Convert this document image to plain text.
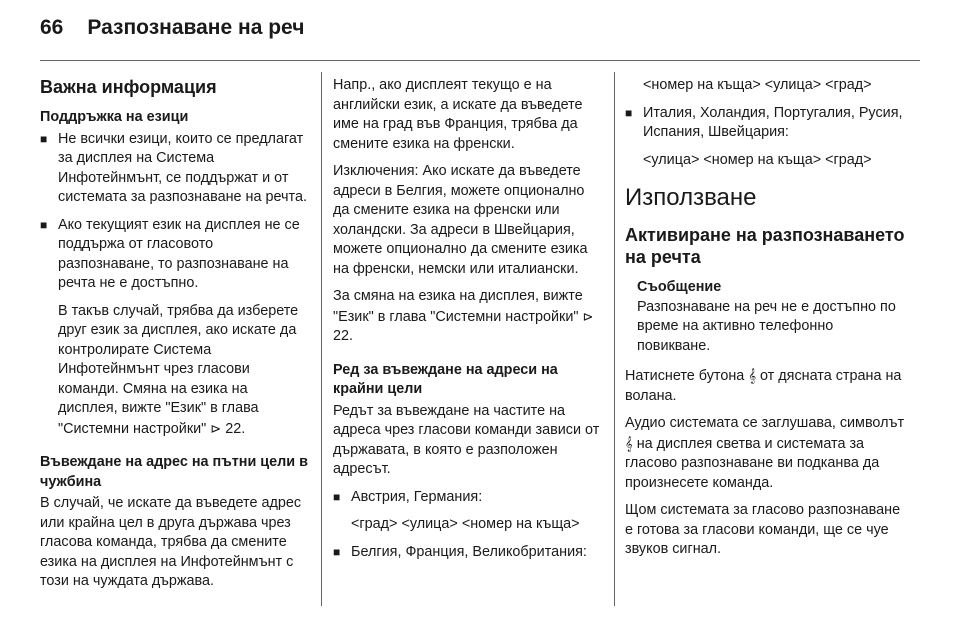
66 Разпознаване на реч
Важна информация
Поддръжка на езици
■ Не всички езици, които се предлагат за дисплея на Система Инфотейнмънт, се поддържат и от системата за разпознаване на речта.
■ Ако текущият език на дисплея не се поддържа от гласовото разпознаване, то разпознаване на речта не е достъпно.

В такъв случай, трябва да изберете друг език за дисплея, ако искате да контролирате Система Инфотейнмънт чрез гласови команди. Смяна на езика на дисплея, вижте "Език" в глава "Системни настройки" ⊳ 22.

Въвеждане на адрес на пътни цели в чужбина

В случай, че искате да въведете адрес или крайна цел в друга държава чрез гласова команда, трябва да смените езика на дисплея на Инфотейнмънт с този на чуждата държава.

Напр., ако дисплеят текущо е на английски език, а искате да въведете име на град във Франция, трябва да смените езика на френски.

Изключения: Ако искате да въведете адреси в Белгия, можете опционално да смените езика на френски или холандски. За адреси в Швейцария, можете опционално да смените езика на френски, немски или италиански.

За смяна на езика на дисплея, вижте "Език" в глава "Системни настройки" ⊳ 22.

Ред за въвеждане на адреси на крайни цели

Редът за въвеждане на частите на адреса чрез гласови команди зависи от държавата, в която е разположен адресът.

■ Австрия, Германия:
<град> <улица> <номер на къща>
■ Белгия, Франция, Великобритания:

<номер на къща> <улица> <град>

■ Италия, Холандия, Португалия, Русия, Испания, Швейцария:
<улица> <номер на къща> <град>
Използване
Активиране на разпознаването на речта
Съобщение
Разпознаване на реч не е достъпно по време на активно телефонно повикване.

Натиснете бутона 𝄞 от дясната страна на волана.

Аудио системата се заглушава, символът 𝄞 на дисплея светва и системата за гласово разпознаване ви подканва да произнесете команда.

Щом системата за гласово разпознаване е готова за гласови команди, ще се чуе звуков сигнал.
